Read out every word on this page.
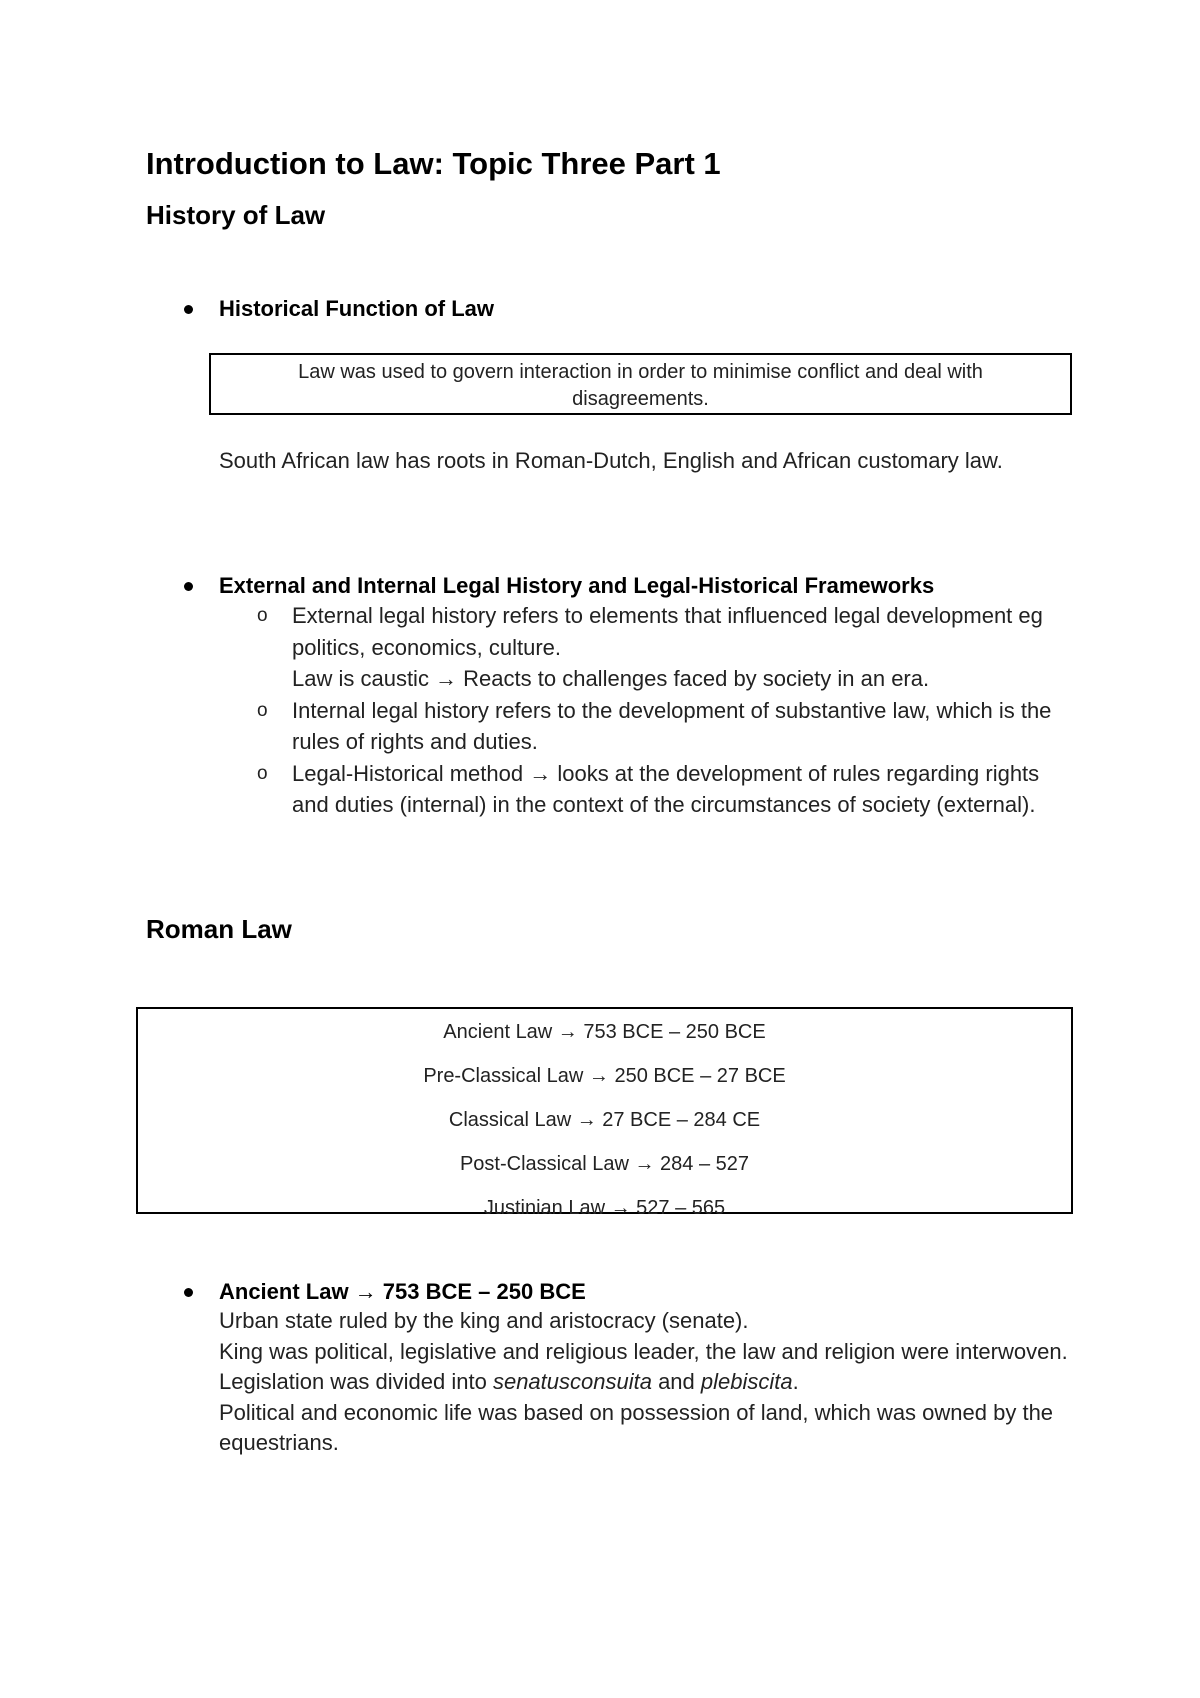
Introduction to Law: Topic Three Part 1
History of Law
Historical Function of Law
Law was used to govern interaction in order to minimise conflict and deal with disagreements.
South African law has roots in Roman-Dutch, English and African customary law.
External and Internal Legal History and Legal-Historical Frameworks
o External legal history refers to elements that influenced legal development eg politics, economics, culture.
Law is caustic → Reacts to challenges faced by society in an era.
o Internal legal history refers to the development of substantive law, which is the rules of rights and duties.
o Legal-Historical method → looks at the development of rules regarding rights and duties (internal) in the context of the circumstances of society (external).
Roman Law
Ancient Law → 753 BCE – 250 BCE
Pre-Classical Law → 250 BCE – 27 BCE
Classical Law → 27 BCE – 284 CE
Post-Classical Law → 284 – 527
Justinian Law → 527 – 565
Ancient Law → 753 BCE – 250 BCE

Urban state ruled by the king and aristocracy (senate).

King was political, legislative and religious leader, the law and religion were interwoven.

Legislation was divided into senatusconsuita and plebiscita.

Political and economic life was based on possession of land, which was owned by the equestrians.
